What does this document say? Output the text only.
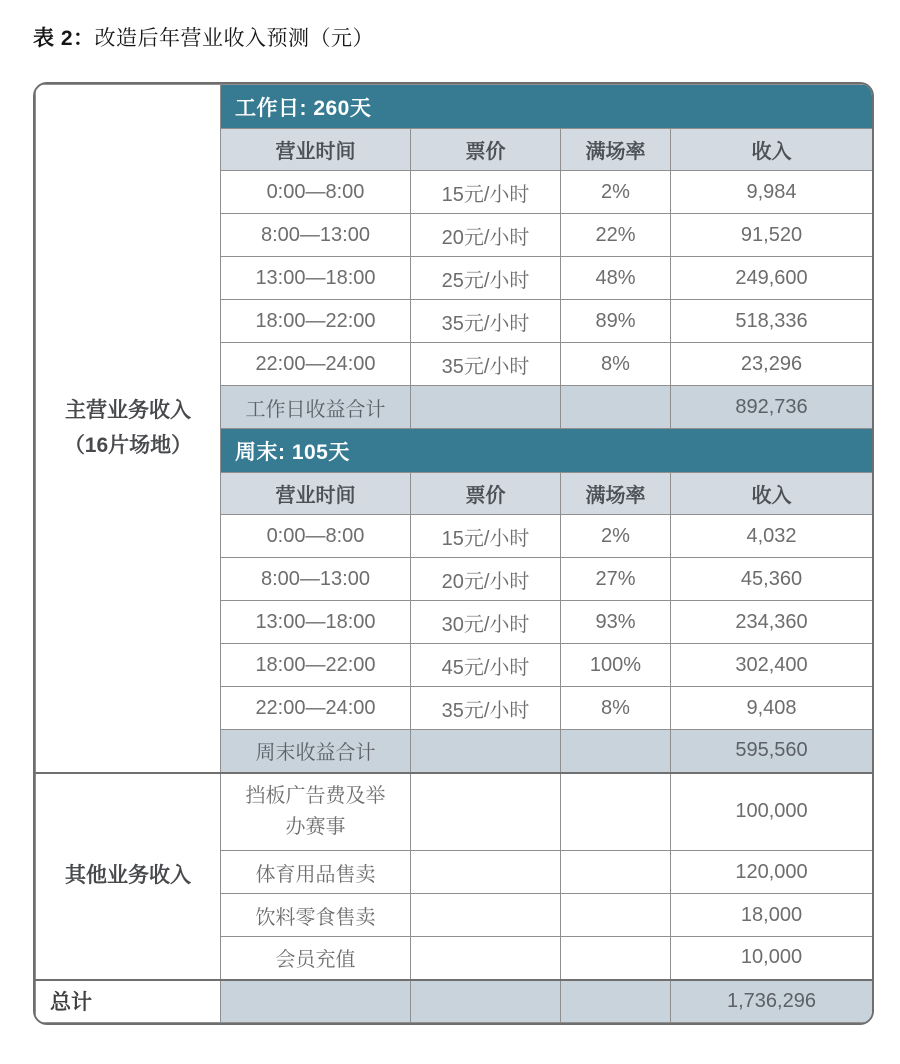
表 2：改造后年营业收入预测（元）
主营业务收入
（16片场地）	工作日: 260天			
	营业时间	票价	满场率	收入
	0:00—8:00	15元/小时	2%	9,984
	8:00—13:00	20元/小时	22%	91,520
	13:00—18:00	25元/小时	48%	249,600
	18:00—22:00	35元/小时	89%	518,336
	22:00—24:00	35元/小时	8%	23,296
	工作日收益合计			892,736
	周末: 105天			
	营业时间	票价	满场率	收入
	0:00—8:00	15元/小时	2%	4,032
	8:00—13:00	20元/小时	27%	45,360
	13:00—18:00	30元/小时	93%	234,360
	18:00—22:00	45元/小时	100%	302,400
	22:00—24:00	35元/小时	8%	9,408
	周末收益合计			595,560
其他业务收入	挡板广告费及举办赛事			100,000
	体育用品售卖			120,000
	饮料零食售卖			18,000
	会员充值			10,000
总计				1,736,296
